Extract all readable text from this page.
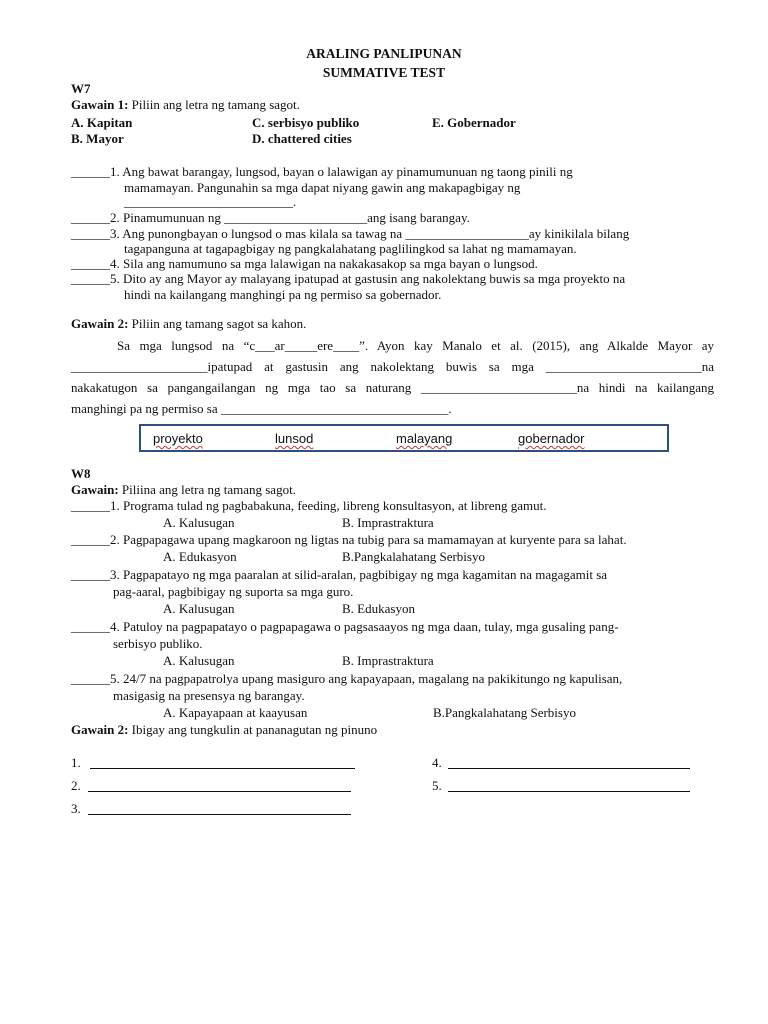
ARALING PANLIPUNAN
SUMMATIVE TEST
W7
Gawain 1: Piliin ang letra ng tamang sagot.
A. Kapitan	C. serbisyo publiko	E. Gobernador
B. Mayor	D. chattered cities
______1. Ang bawat barangay, lungsod, bayan o lalawigan ay pinamumunuan ng taong pinili ng
mamamayan. Pangunahin sa mga dapat niyang gawin ang makapagbigay ng
__________________________.
______2. Pinamumunuan ng ______________________ang isang barangay.
______3. Ang punongbayan o lungsod o mas kilala sa tawag na ___________________ay kinikilala bilang
tagapanguna at tagapagbigay ng pangkalahatang paglilingkod sa lahat ng mamamayan.
______4. Sila ang namumuno sa mga lalawigan na nakakasakop sa mga bayan o lungsod.
______5. Dito ay ang Mayor ay malayang ipatupad at gastusin ang nakolektang buwis sa mga proyekto na
hindi na kailangang manghingi pa ng permiso sa gobernador.
Gawain 2: Piliin ang tamang sagot sa kahon.
Sa mga lungsod na “c___ar_____ere____”. Ayon kay Manalo et al. (2015), ang Alkalde Mayor ay
_____________________ipatupad at gastusin ang nakolektang buwis sa mga ________________________na
nakakatugon sa pangangailangan ng mga tao sa naturang ________________________na hindi na kailangang
manghingi pa ng permiso sa ___________________________________.
proyekto	lunsod	malayang	gobernador
W8
Gawain: Piliina ang letra ng tamang sagot.
______1. Programa tulad ng pagbabakuna, feeding, libreng konsultasyon, at libreng gamut.
A. Kalusugan	B. Imprastraktura
______2. Pagpapagawa upang magkaroon ng ligtas na tubig para sa mamamayan at kuryente para sa lahat.
A. Edukasyon	B.Pangkalahatang Serbisyo
______3. Pagpapatayo ng mga paaralan at silid-aralan, pagbibigay ng mga kagamitan na magagamit sa
pag-aaral, pagbibigay ng suporta sa mga guro.
A. Kalusugan	B. Edukasyon
______4. Patuloy na pagpapatayo o pagpapagawa o pagsasaayos ng mga daan, tulay, mga gusaling pang-
serbisyo publiko.
A. Kalusugan	B. Imprastraktura
______5. 24/7 na pagpapatrolya upang masiguro ang kapayapaan, magalang na pakikitungo ng kapulisan,
masigasig na presensya ng barangay.
A. Kapayapaan at kaayusan	B.Pangkalahatang Serbisyo
Gawain 2: Ibigay ang tungkulin at pananagutan ng pinuno
1.	4.
2.	5.
3.
